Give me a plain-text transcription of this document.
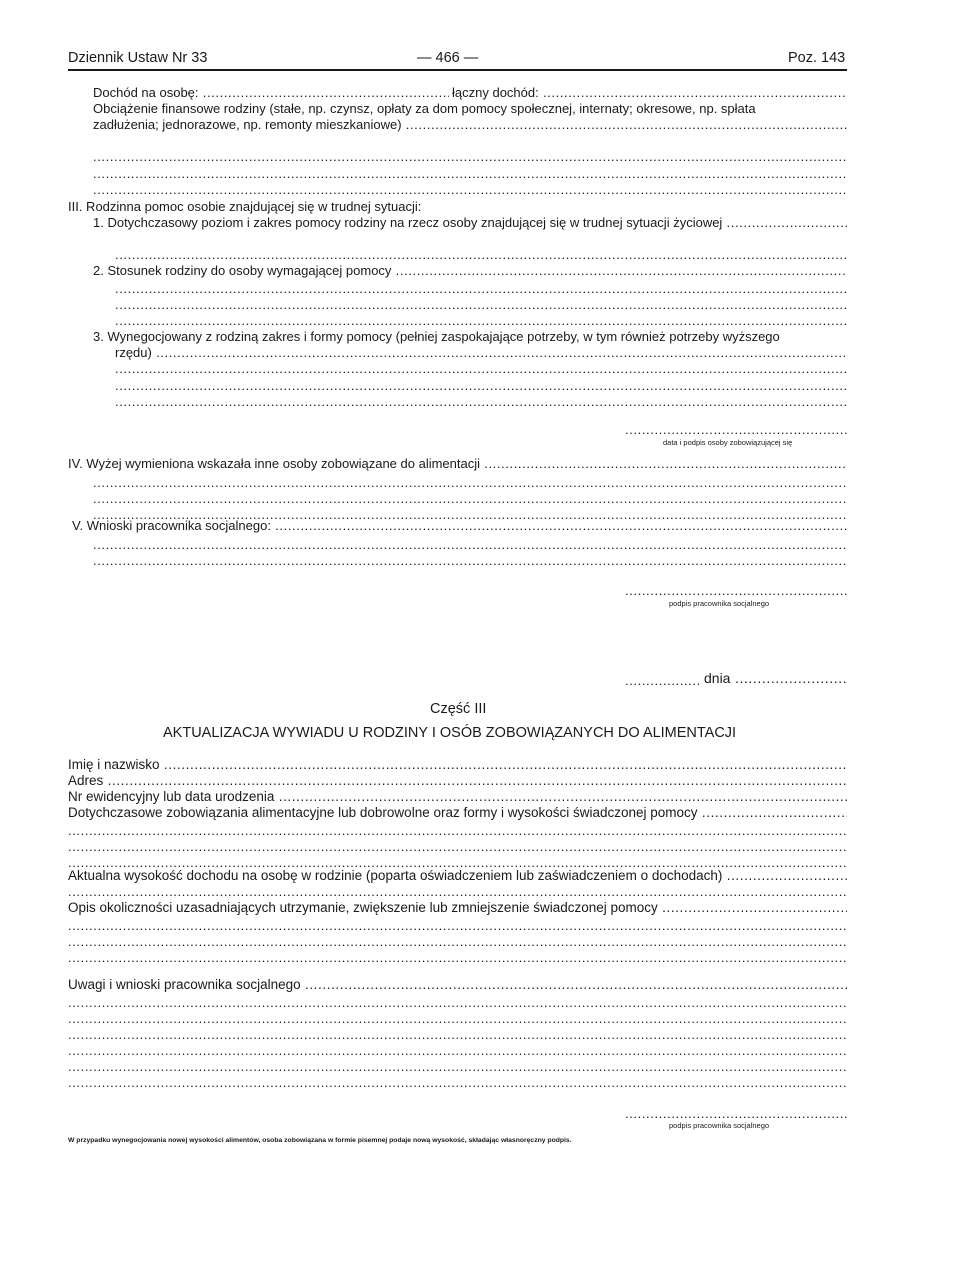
Dziennik Ustaw Nr 33	— 466 —	Poz. 143
Dochód na osobę: .....	łączny dochód: .....
Obciążenie finansowe rodziny (stałe, np. czynsz, opłaty za dom pomocy społecznej, internaty; okresowe, np. spłata
zadłużenia; jednorazowe, np. remonty mieszkaniowe) .....
.....
.....
.....
III. Rodzinna pomoc osobie znajdującej się w trudnej sytuacji:
1. Dotychczasowy poziom i zakres pomocy rodziny na rzecz osoby znajdującej się w trudnej sytuacji życiowej .....
.....
2. Stosunek rodziny do osoby wymagającej pomocy .....
.....
.....
.....
3. Wynegocjowany z rodziną zakres i formy pomocy (pełniej zaspokajające potrzeby, w tym również potrzeby wyższego
rzędu) .....
.....
.....
.....
.....
data i podpis osoby zobowiązującej się
IV. Wyżej wymieniona wskazała inne osoby zobowiązane do alimentacji .....
.....
.....
.....
V. Wnioski pracownika socjalnego: .....
.....
.....
.....
podpis pracownika socjalnego
.....
dnia .....
Część III
AKTUALIZACJA WYWIADU U RODZINY I OSÓB ZOBOWIĄZANYCH DO ALIMENTACJI
Imię i nazwisko .....
Adres .....
Nr ewidencyjny lub data urodzenia .....
Dotychczasowe zobowiązania alimentacyjne lub dobrowolne oraz formy i wysokości świadczonej pomocy .....
.....
.....
.....
Aktualna wysokość dochodu na osobę w rodzinie (poparta oświadczeniem lub zaświadczeniem o dochodach) .....
.....
Opis okoliczności uzasadniających utrzymanie, zwiększenie lub zmniejszenie świadczonej pomocy .....
.....
.....
.....
Uwagi i wnioski pracownika socjalnego .....
.....
.....
.....
.....
.....
.....
.....
podpis pracownika socjalnego
W przypadku wynegocjowania nowej wysokości alimentów, osoba zobowiązana w formie pisemnej podaje nową wysokość, składając własnoręczny podpis.
